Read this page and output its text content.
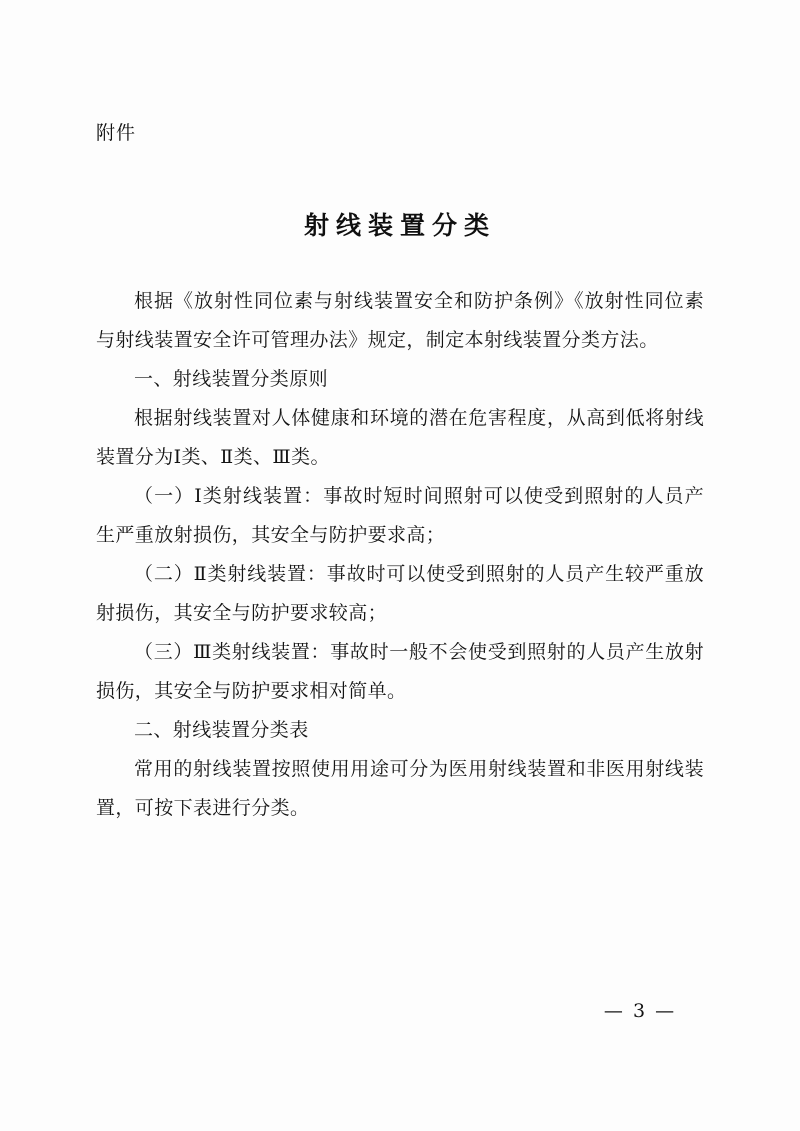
附件
射线装置分类

根据《放射性同位素与射线装置安全和防护条例》《放射性同位素与射线装置安全许可管理办法》规定，制定本射线装置分类方法。

一、射线装置分类原则

根据射线装置对人体健康和环境的潜在危害程度，从高到低将射线装置分为Ⅰ类、Ⅱ类、Ⅲ类。

（一）Ⅰ类射线装置：事故时短时间照射可以使受到照射的人员产生严重放射损伤，其安全与防护要求高；

（二）Ⅱ类射线装置：事故时可以使受到照射的人员产生较严重放射损伤，其安全与防护要求较高；

（三）Ⅲ类射线装置：事故时一般不会使受到照射的人员产生放射损伤，其安全与防护要求相对简单。

二、射线装置分类表

常用的射线装置按照使用用途可分为医用射线装置和非医用射线装置，可按下表进行分类。

— 3 —
